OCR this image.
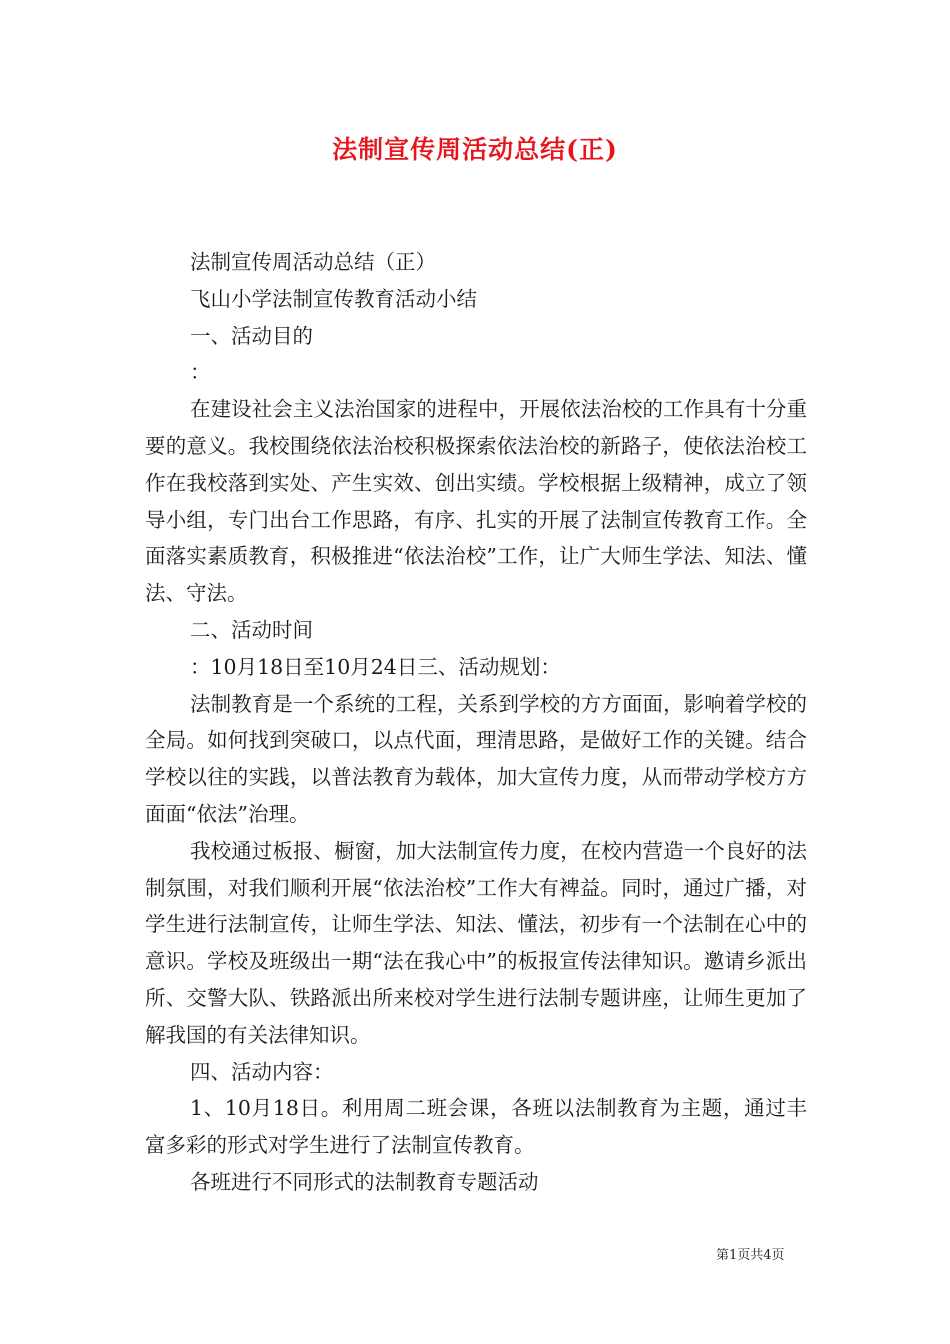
法制宣传周活动总结(正)

法制宣传周活动总结（正）

飞山小学法制宣传教育活动小结

一、活动目的

：

在建设社会主义法治国家的进程中，开展依法治校的工作具有十分重要的意义。我校围绕依法治校积极探索依法治校的新路子，使依法治校工作在我校落到实处、产生实效、创出实绩。学校根据上级精神，成立了领导小组，专门出台工作思路，有序、扎实的开展了法制宣传教育工作。全面落实素质教育，积极推进“依法治校”工作，让广大师生学法、知法、懂法、守法。

二、活动时间

：10月18日至10月24日三、活动规划：

法制教育是一个系统的工程，关系到学校的方方面面，影响着学校的全局。如何找到突破口，以点代面，理清思路，是做好工作的关键。结合学校以往的实践，以普法教育为载体，加大宣传力度，从而带动学校方方面面“依法”治理。

我校通过板报、橱窗，加大法制宣传力度，在校内营造一个良好的法制氛围，对我们顺利开展“依法治校”工作大有裨益。同时，通过广播，对学生进行法制宣传，让师生学法、知法、懂法，初步有一个法制在心中的意识。学校及班级出一期“法在我心中”的板报宣传法律知识。邀请乡派出所、交警大队、铁路派出所来校对学生进行法制专题讲座，让师生更加了解我国的有关法律知识。

四、活动内容：

1、10月18日。利用周二班会课，各班以法制教育为主题，通过丰富多彩的形式对学生进行了法制宣传教育。

各班进行不同形式的法制教育专题活动

第1页共4页
